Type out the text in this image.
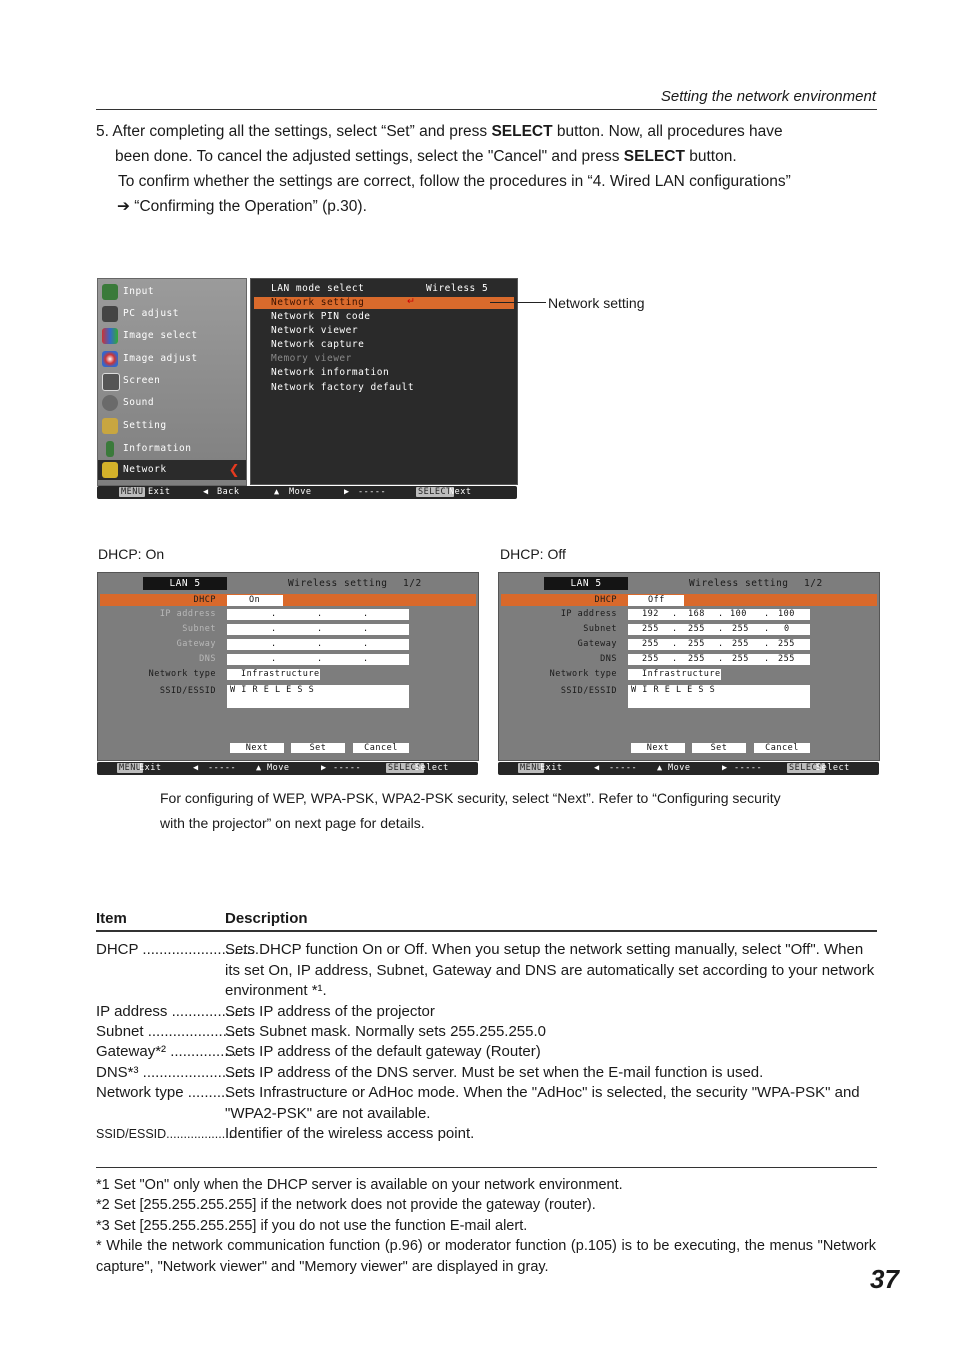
Setting the network environment
5. After completing all the settings, select “Set” and press SELECT button. Now, all procedures have
been done. To cancel the adjusted settings, select the "Cancel" and press SELECT button.
To confirm whether the settings are correct, follow the procedures in “4. Wired LAN configurations”
➔ “Confirming the Operation” (p.30).
Input
PC adjust
Image select
Image adjust
Screen
Sound
Setting
Information
Network	❮
LAN mode select	Wireless 5
Network setting	↵
Network PIN code
Network viewer
Network capture
Memory viewer
Network information
Network factory default
MENU Exit	◀ Back	▲ Move	▶ -----	SELECT
Next
Network setting
DHCP: On
LAN 5	Wireless setting 1/2
DHCP	On
IP address	.	.	.
Subnet	.	.	.
Gateway	.	.	.
DNS	.	.	.
Network type	Infrastructure
SSID/ESSID W I R E L E S S
Next	Set	Cancel
MENU
Exit	◀ ----- ▲ Move	▶ -----	SELECT
Select
DHCP: Off
LAN 5	Wireless setting 1/2
DHCP	Off
IP address	192 . 168 . 100 . 100
Subnet	255 . 255 . 255 . 0
Gateway	255 . 255 . 255 . 255
DNS	255 . 255 . 255 . 255
Network type	Infrastructure
SSID/ESSID W I R E L E S S
Next	Set	Cancel
MENU
Exit	◀ ----- ▲ Move	▶ -----	SELECT
Select
For configuring of WEP, WPA-PSK, WPA2-PSK security, select “Next”. Refer to “Configuring security
with the projector” on next page for details.
Item	Description
DHCP ............................
Sets DHCP function On or Off. When you setup the network setting manually, select "Off". When its set On, IP address, Subnet, Gateway and DNS are automatically set according to your network environment *¹.
IP address ..................
Sets IP address of the projector
Subnet .........................
Sets Subnet mask. Normally sets 255.255.255.0
Gateway*² .................
Sets IP address of the default gateway (Router)
DNS*³ ...........................
Sets IP address of the DNS server. Must be set when the E-mail function is used.
Network type ..........
Sets Infrastructure or AdHoc mode. When the "AdHoc" is selected, the security "WPA-PSK" and "WPA2-PSK" are not available.
SSID/ESSID....................
Identifier of the wireless access point.
*1 Set "On" only when the DHCP server is available on your network environment.
*2 Set [255.255.255.255] if the network does not provide the gateway (router).
*3 Set [255.255.255.255] if you do not use the function E-mail alert.
* While the network communication function (p.96) or moderator function (p.105) is to be executing, the menus "Network capture", "Network viewer" and "Memory viewer" are displayed in gray.	37
